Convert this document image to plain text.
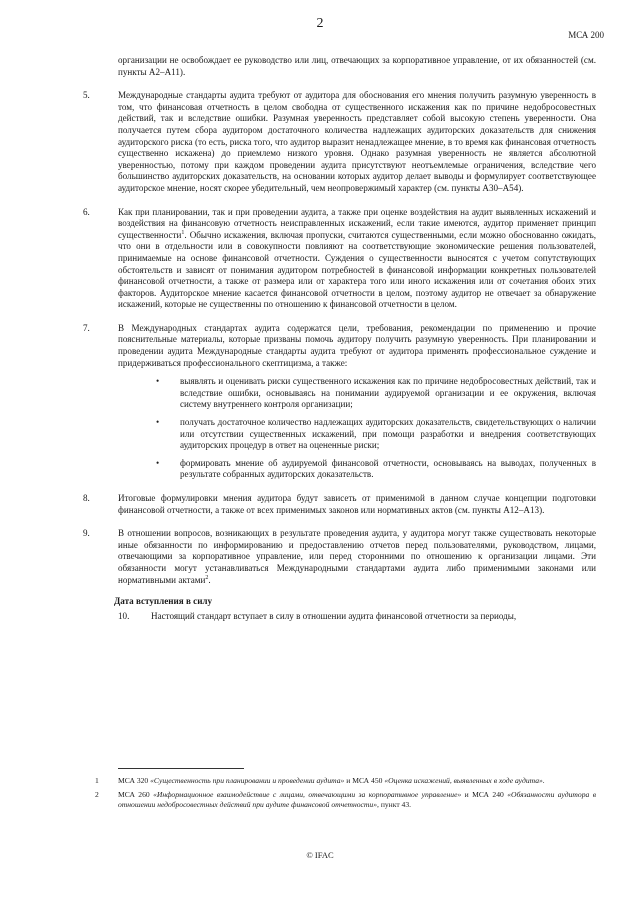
2
МСА 200
организации не освобождает ее руководство или лиц, отвечающих за корпоративное управление, от их обязанностей (см. пункты А2–А11).
5.	Международные стандарты аудита требуют от аудитора для обоснования его мнения получить разумную уверенность в том, что финансовая отчетность в целом свободна от существенного искажения как по причине недобросовестных действий, так и вследствие ошибки. Разумная уверенность представляет собой высокую степень уверенности. Она получается путем сбора аудитором достаточного количества надлежащих аудиторских доказательств для снижения аудиторского риска (то есть, риска того, что аудитор выразит ненадлежащее мнение, в то время как финансовая отчетность существенно искажена) до приемлемо низкого уровня. Однако разумная уверенность не является абсолютной уверенностью, потому при каждом проведении аудита присутствуют неотъемлемые ограничения, вследствие чего большинство аудиторских доказательств, на основании которых аудитор делает выводы и формулирует соответствующее аудиторское мнение, носят скорее убедительный, чем неопровержимый характер (см. пункты А30–А54).
6.	Как при планировании, так и при проведении аудита, а также при оценке воздействия на аудит выявленных искажений и воздействия на финансовую отчетность неисправленных искажений, если такие имеются, аудитор применяет принцип существенности$^1$. Обычно искажения, включая пропуски, считаются существенными, если можно обоснованно ожидать, что они в отдельности или в совокупности повлияют на соответствующие экономические решения пользователей, принимаемые на основе финансовой отчетности. Суждения о существенности выносятся с учетом сопутствующих обстоятельств и зависят от понимания аудитором потребностей в финансовой информации конкретных пользователей финансовой отчетности, а также от размера или от характера того или иного искажения или от сочетания обоих этих факторов. Аудиторское мнение касается финансовой отчетности в целом, поэтому аудитор не отвечает за обнаружение искажений, которые не существенны по отношению к финансовой отчетности в целом.
7.	В Международных стандартах аудита содержатся цели, требования, рекомендации по применению и прочие пояснительные материалы, которые призваны помочь аудитору получить разумную уверенность. При планировании и проведении аудита Международные стандарты аудита требуют от аудитора применять профессиональное суждение и придерживаться профессионального скептицизма, а также:
• выявлять и оценивать риски существенного искажения как по причине недобросовестных действий, так и вследствие ошибки, основываясь на понимании аудируемой организации и ее окружения, включая систему внутреннего контроля организации;
• получать достаточное количество надлежащих аудиторских доказательств, свидетельствующих о наличии или отсутствии существенных искажений, при помощи разработки и внедрения соответствующих аудиторских процедур в ответ на оцененные риски;
• формировать мнение об аудируемой финансовой отчетности, основываясь на выводах, полученных в результате собранных аудиторских доказательств.
8.	Итоговые формулировки мнения аудитора будут зависеть от применимой в данном случае концепции подготовки финансовой отчетности, а также от всех применимых законов или нормативных актов (см. пункты А12–А13).
9.	В отношении вопросов, возникающих в результате проведения аудита, у аудитора могут также существовать некоторые иные обязанности по информированию и предоставлению отчетов перед пользователями, руководством, лицами, отвечающими за корпоративное управление, или перед сторонними по отношению к организации лицами. Эти обязанности могут устанавливаться Международными стандартами аудита либо применимыми законами или нормативными актами$^2$.
Дата вступления в силу
10. Настоящий стандарт вступает в силу в отношении аудита финансовой отчетности за периоды,
1	МСА 320 «Существенность при планировании и проведении аудита» и МСА 450 «Оценка искажений, выявленных в ходе аудита».
2	МСА 260 «Информационное взаимодействие с лицами, отвечающими за корпоративное управление» и МСА 240 «Обязанности аудитора в отношении недобросовестных действий при аудите финансовой отчетности», пункт 43.
© IFAC
